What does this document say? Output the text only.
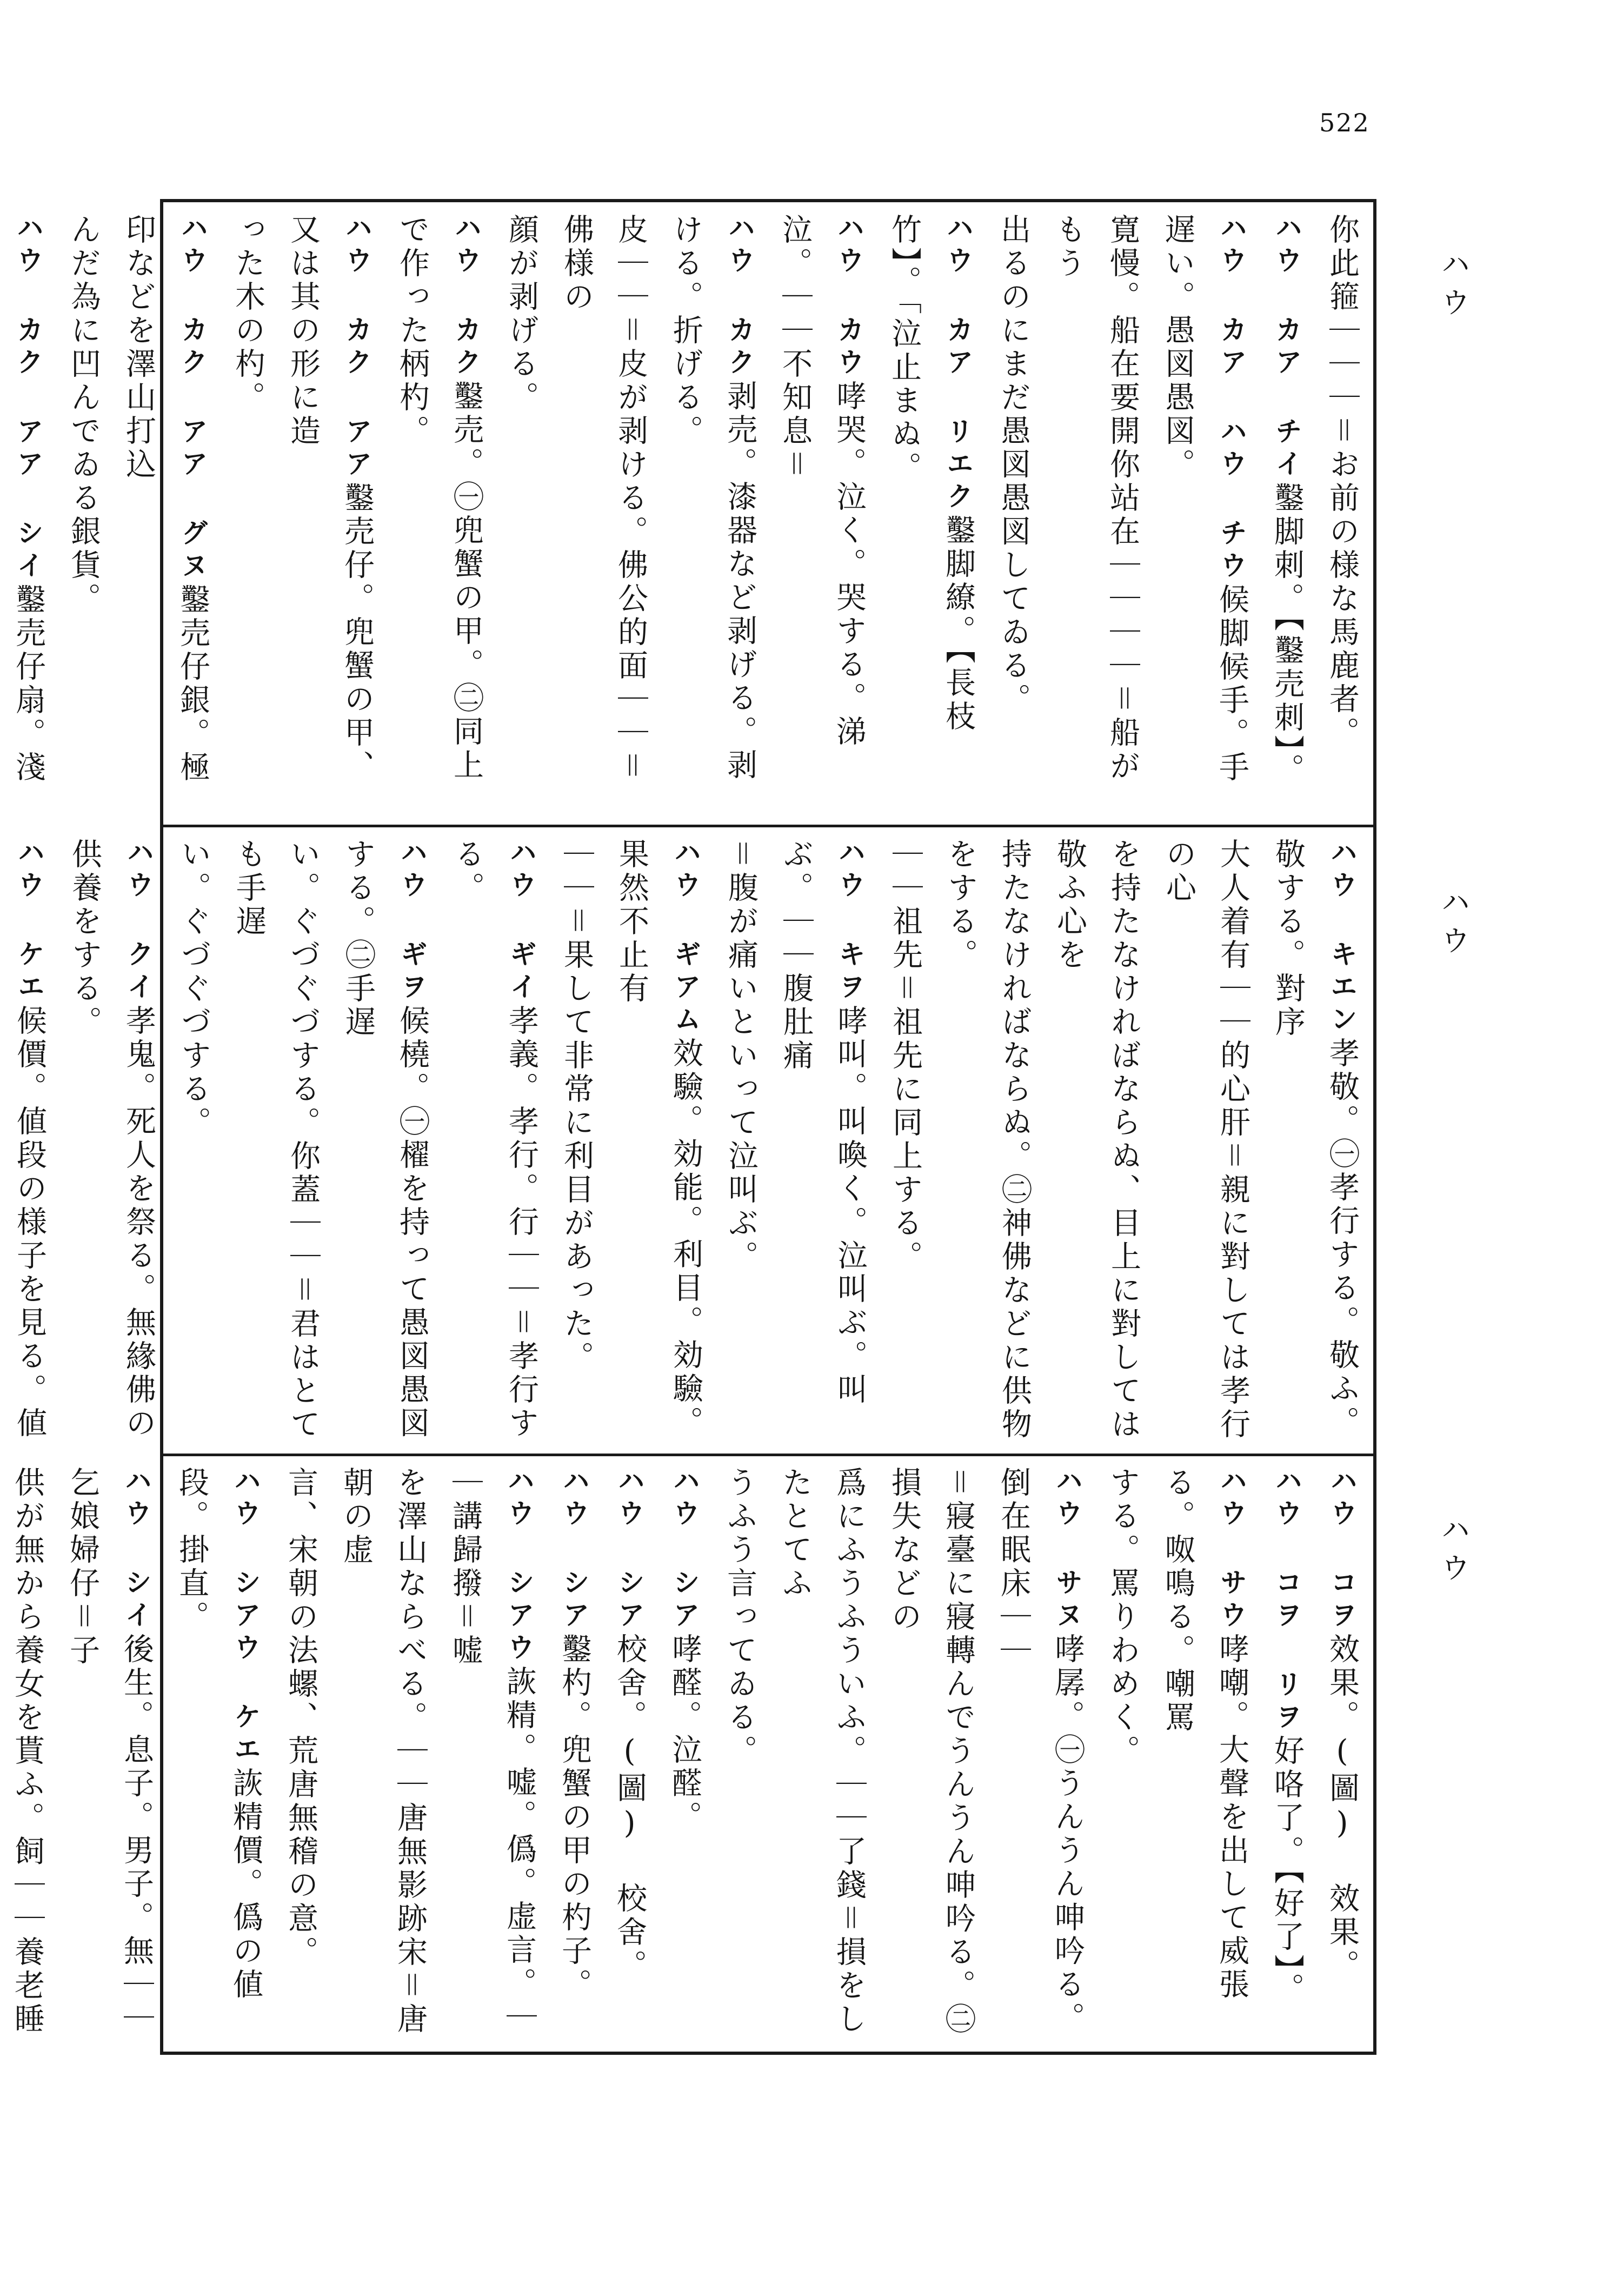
522
ハ ウ
ハ ウ
ハ ウ
你此箍｜｜｜＝お前の様な馬鹿者。
ハウ カア チイ鑿脚刺。【鑿売刺】。
ハウ カア ハウ チウ候脚候手。手遅い。愚図愚図。
寛慢。船在要開你站在｜｜｜｜＝船がもう
出るのにまだ愚図愚図してゐる。
ハウ カア リエク鑿脚繚。【長枝竹】。「泣止まぬ。
ハウ カウ哮哭。泣く。哭する。涕泣。｜｜不知息＝
ハウ カク剥売。漆器など剥げる。剥ける。折げる。
皮｜｜＝皮が剥ける。佛公的面｜｜＝佛様の
顔が剥げる。
ハウ カク鑿売。㊀兜蟹の甲。㊁同上で作った柄杓。
ハウ カク アア鑿売仔。兜蟹の甲、又は其の形に造
った木の杓。
ハウ カク アア グヌ鑿売仔銀。極印などを澤山打込
んだ為に凹んでゐる銀貨。
ハウ カク アア シイ鑿売仔扇。淺
ハウ キエン孝敬。㊀孝行する。敬ふ。敬する。對序
大人着有｜｜的心肝＝親に對しては孝行の心
を持たなければならぬ、目上に對しては敬ふ心を
持たなければならぬ。㊁神佛などに供物をする。
｜｜祖先＝祖先に同上する。
ハウ キヲ哮叫。叫喚く。泣叫ぶ。叫ぶ。｜｜腹肚痛
＝腹が痛いといって泣叫ぶ。
ハウ ギアム效驗。効能。利目。効驗。果然不止有
｜｜＝果して非常に利目があった。
ハウ ギイ孝義。孝行。行｜｜＝孝行する。
ハウ ギヲ候橈。㊀櫂を持って愚図愚図する。㊁手遅
い。ぐづぐづする。你蓋｜｜＝君はとても手遅
い。ぐづぐづする。
ハウ クイ孝鬼。死人を祭る。無緣佛の供養をする。
ハウ ケエ候價。値段の様子を見る。値
ハウ コヲ效果。(圖) 效果。
ハウ コヲ リヲ好咯了。【好了】。
ハウ サウ哮嘲。大聲を出して威張る。呶鳴る。嘲罵
する。罵りわめく。
ハウ サヌ哮孱。㊀うんうん呻吟る。倒在眠床｜｜
＝寢臺に寢轉んでうんうん呻吟る。㊁損失などの
爲にふうふういふ。｜｜了錢＝損をしたとてふ
うふう言ってゐる。
ハウ シア哮醛。泣醛。
ハウ シア校舍。(圖) 校舍。
ハウ シア鑿杓。兜蟹の甲の杓子。
ハウ シアウ詼精。嘘。僞。虚言。｜｜講歸撥＝嘘
を澤山ならべる。｜｜唐無影跡宋＝唐朝の虚
言、宋朝の法螺、荒唐無稽の意。
ハウ シアウ ケエ詼精價。僞の値段。掛直。
ハウ シイ後生。息子。男子。無｜｜乞娘婦仔＝子
供が無から養女を貰ふ。飼｜｜養老睡
